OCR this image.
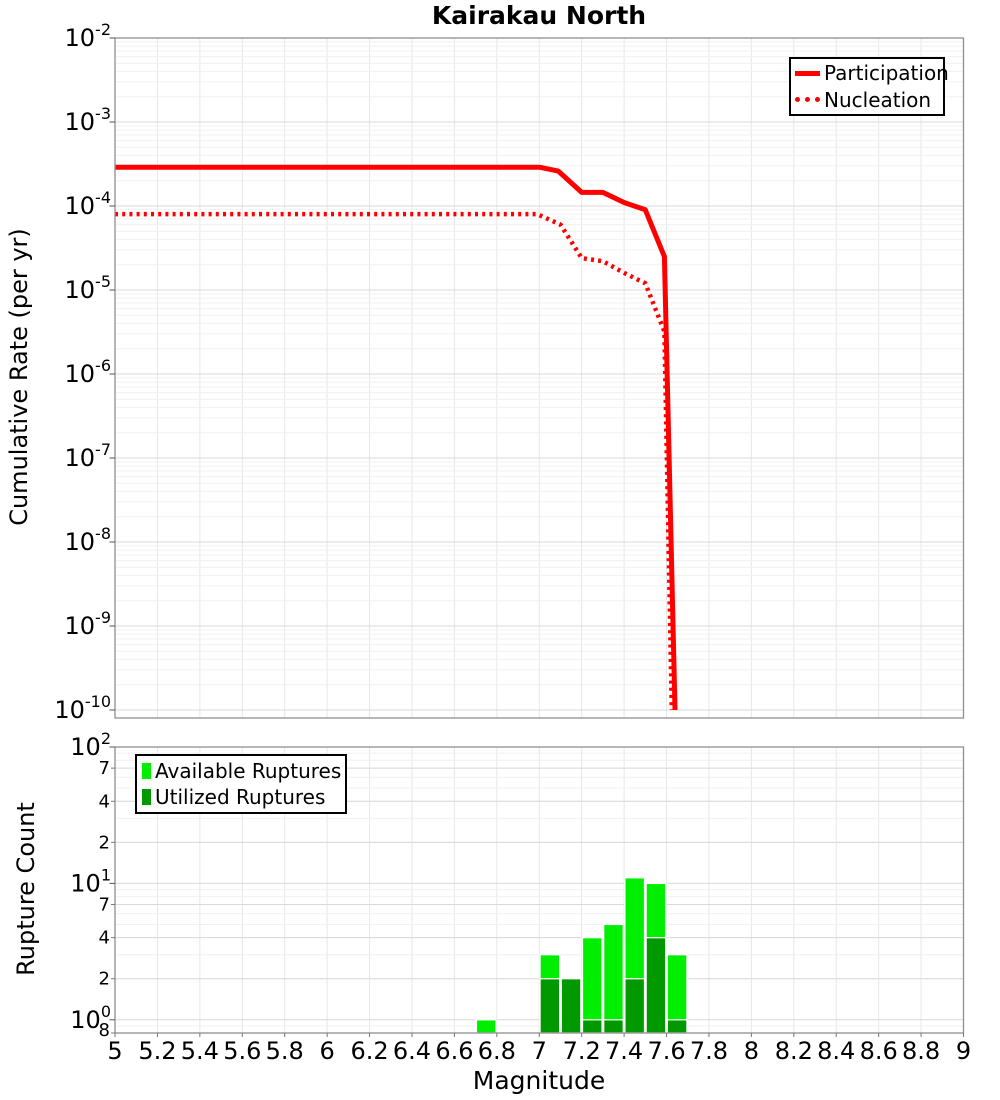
$10^{-2}$
$10^{-3}$
$10^{-4}$
$10^{-5}$
$10^{-6}$
$10^{-7}$
$10^{-8}$
$10^{-9}$
$10^{-10}$
$10^2$
$10^1$
$10^0$
7
4
2
7
4
2
8
5 5.2 5.4 5.6 5.8 6 6.2 6.4 6.6 6.8 7 7.2 7.4 7.6 7.8 8 8.2 8.4 8.6 8.8 9
Kairakau North
Cumulative Rate (per yr)
Rupture Count
Magnitude
Participation
Nucleation
Available Ruptures
Utilized Ruptures
